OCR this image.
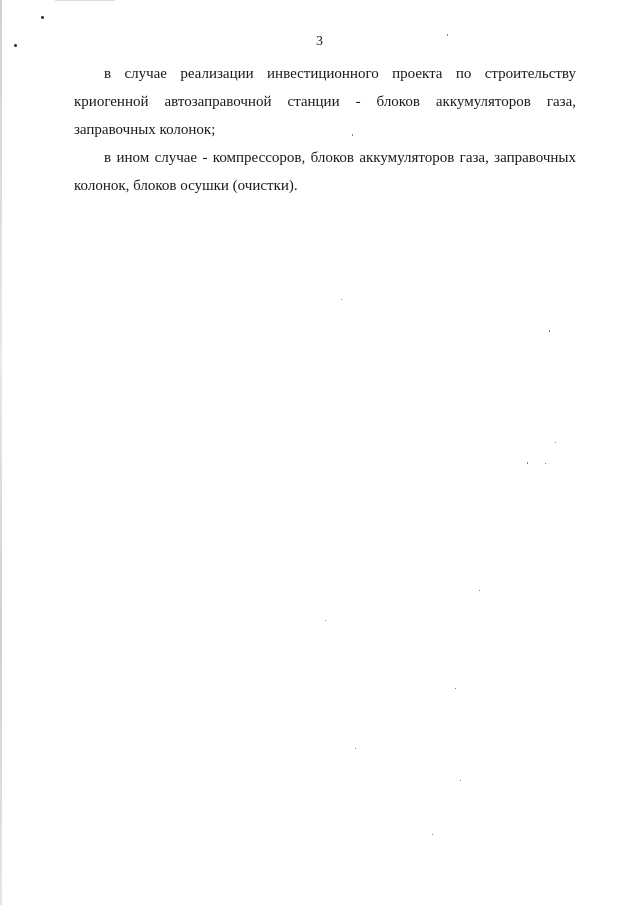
3

в случае реализации инвестиционного проекта по строительству криогенной автозаправочной станции - блоков аккумуляторов газа, заправочных колонок;

в ином случае - компрессоров, блоков аккумуляторов газа, заправочных колонок, блоков осушки (очистки).
